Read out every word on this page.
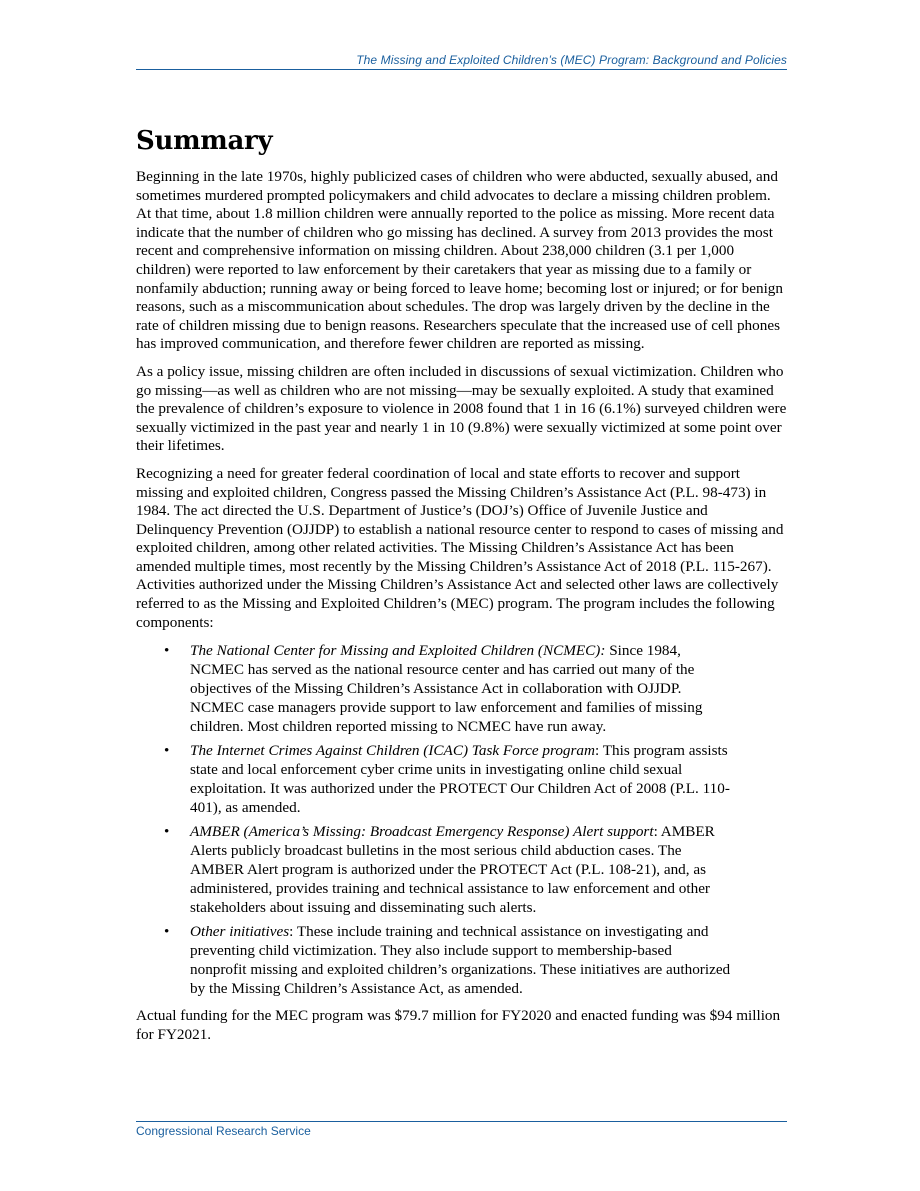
The Missing and Exploited Children’s (MEC) Program: Background and Policies
Summary

Beginning in the late 1970s, highly publicized cases of children who were abducted, sexually abused, and sometimes murdered prompted policymakers and child advocates to declare a missing children problem. At that time, about 1.8 million children were annually reported to the police as missing. More recent data indicate that the number of children who go missing has declined. A survey from 2013 provides the most recent and comprehensive information on missing children. About 238,000 children (3.1 per 1,000 children) were reported to law enforcement by their caretakers that year as missing due to a family or nonfamily abduction; running away or being forced to leave home; becoming lost or injured; or for benign reasons, such as a miscommunication about schedules. The drop was largely driven by the decline in the rate of children missing due to benign reasons. Researchers speculate that the increased use of cell phones has improved communication, and therefore fewer children are reported as missing.

As a policy issue, missing children are often included in discussions of sexual victimization. Children who go missing—as well as children who are not missing—may be sexually exploited. A study that examined the prevalence of children’s exposure to violence in 2008 found that 1 in 16 (6.1%) surveyed children were sexually victimized in the past year and nearly 1 in 10 (9.8%) were sexually victimized at some point over their lifetimes.

Recognizing a need for greater federal coordination of local and state efforts to recover and support missing and exploited children, Congress passed the Missing Children’s Assistance Act (P.L. 98-473) in 1984. The act directed the U.S. Department of Justice’s (DOJ’s) Office of Juvenile Justice and Delinquency Prevention (OJJDP) to establish a national resource center to respond to cases of missing and exploited children, among other related activities. The Missing Children’s Assistance Act has been amended multiple times, most recently by the Missing Children’s Assistance Act of 2018 (P.L. 115-267). Activities authorized under the Missing Children’s Assistance Act and selected other laws are collectively referred to as the Missing and Exploited Children’s (MEC) program. The program includes the following components:

• The National Center for Missing and Exploited Children (NCMEC): Since 1984, NCMEC has served as the national resource center and has carried out many of the objectives of the Missing Children’s Assistance Act in collaboration with OJJDP. NCMEC case managers provide support to law enforcement and families of missing children. Most children reported missing to NCMEC have run away.
• The Internet Crimes Against Children (ICAC) Task Force program: This program assists state and local enforcement cyber crime units in investigating online child sexual exploitation. It was authorized under the PROTECT Our Children Act of 2008 (P.L. 110-401), as amended.
• AMBER (America’s Missing: Broadcast Emergency Response) Alert support: AMBER Alerts publicly broadcast bulletins in the most serious child abduction cases. The AMBER Alert program is authorized under the PROTECT Act (P.L. 108-21), and, as administered, provides training and technical assistance to law enforcement and other stakeholders about issuing and disseminating such alerts.
• Other initiatives: These include training and technical assistance on investigating and preventing child victimization. They also include support to membership-based nonprofit missing and exploited children’s organizations. These initiatives are authorized by the Missing Children’s Assistance Act, as amended.

Actual funding for the MEC program was $79.7 million for FY2020 and enacted funding was $94 million for FY2021.

Congressional Research Service
